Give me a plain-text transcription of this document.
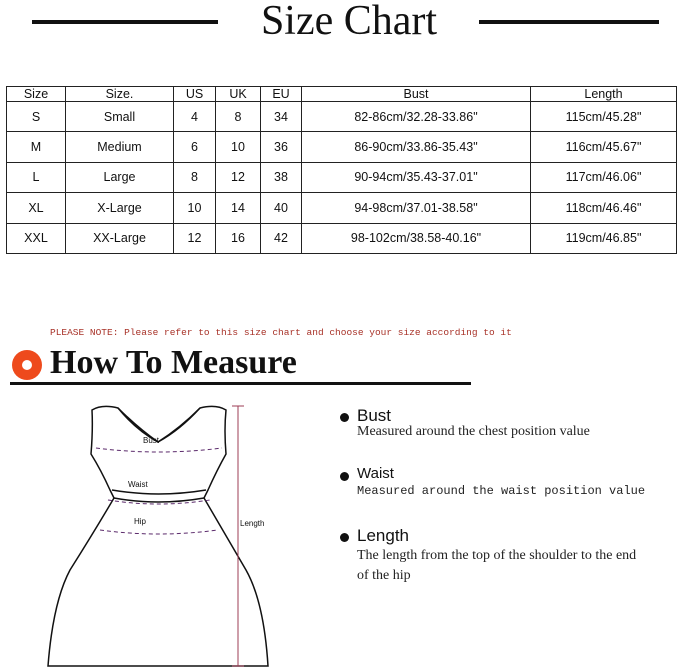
Size Chart
Size	Size.	US	UK	EU	Bust	Length
S	Small	4	8	34	82-86cm/32.28-33.86"	115cm/45.28"
M	Medium	6	10	36	86-90cm/33.86-35.43"	116cm/45.67"
L	Large	8	12	38	90-94cm/35.43-37.01"	117cm/46.06"
XL	X-Large	10	14	40	94-98cm/37.01-38.58"	118cm/46.46"
XXL	XX-Large	12	16	42	98-102cm/38.58-40.16"	119cm/46.85"
PLEASE NOTE: Please refer to this size chart and choose your size according to it
How To Measure
Bust
Waist
Hip	Length
Bust
Measured around the chest position value
Waist
Measured around the waist position value
Length
The length from the top of the shoulder to the end of the hip
